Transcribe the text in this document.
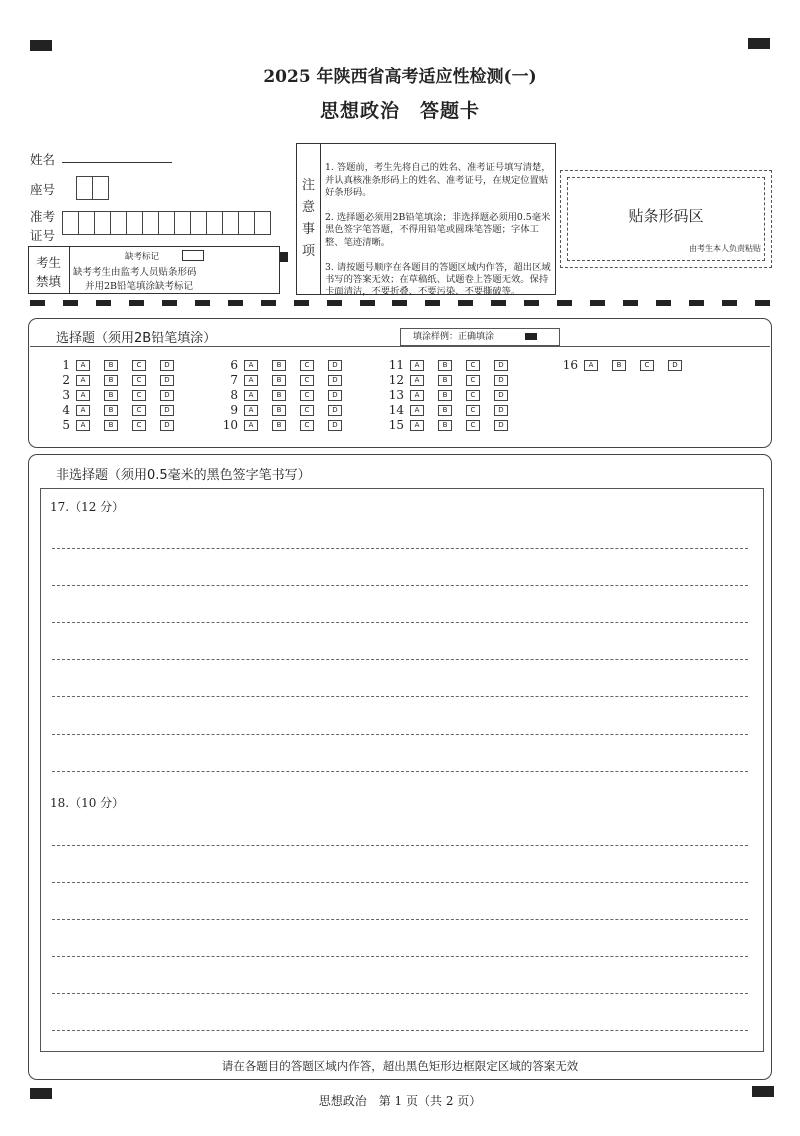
2025 年陕西省高考适应性检测(一)
思想政治　答题卡
姓名
座号
准考
证号
考生
禁填
缺考标记
缺考考生由监考人员贴条形码
并用2B铅笔填涂缺考标记
注
意
事
项

1. 答题前，考生先将自己的姓名、准考证号填写清楚，并认真核准条形码上的姓名、准考证号，在规定位置贴好条形码。

2. 选择题必须用2B铅笔填涂；非选择题必须用0.5毫米黑色签字笔答题，不得用铅笔或圆珠笔答题；字体工整、笔迹清晰。

3. 请按题号顺序在各题目的答题区域内作答，超出区域书写的答案无效；在草稿纸、试题卷上答题无效。保持卡面清洁，不要折叠、不要污染、不要撕破等。

贴条形码区
由考生本人负责粘贴
选择题（须用2B铅笔填涂）	填涂样例：正确填涂
1	A	B	C	D
2	A	B	C	D
3	A	B	C	D
4	A	B	C	D
5	A	B	C	D
6	A	B	C	D
7	A	B	C	D
8	A	B	C	D
9	A	B	C	D
10	A	B	C	D
11	A	B	C	D
12	A	B	C	D
13	A	B	C	D
14	A	B	C	D
15	A	B	C	D
16	A	B	C	D
非选择题（须用0.5毫米的黑色签字笔书写）
17.（12 分）
18.（10 分）
请在各题目的答题区域内作答，超出黑色矩形边框限定区域的答案无效
思想政治　第 1 页（共 2 页）
